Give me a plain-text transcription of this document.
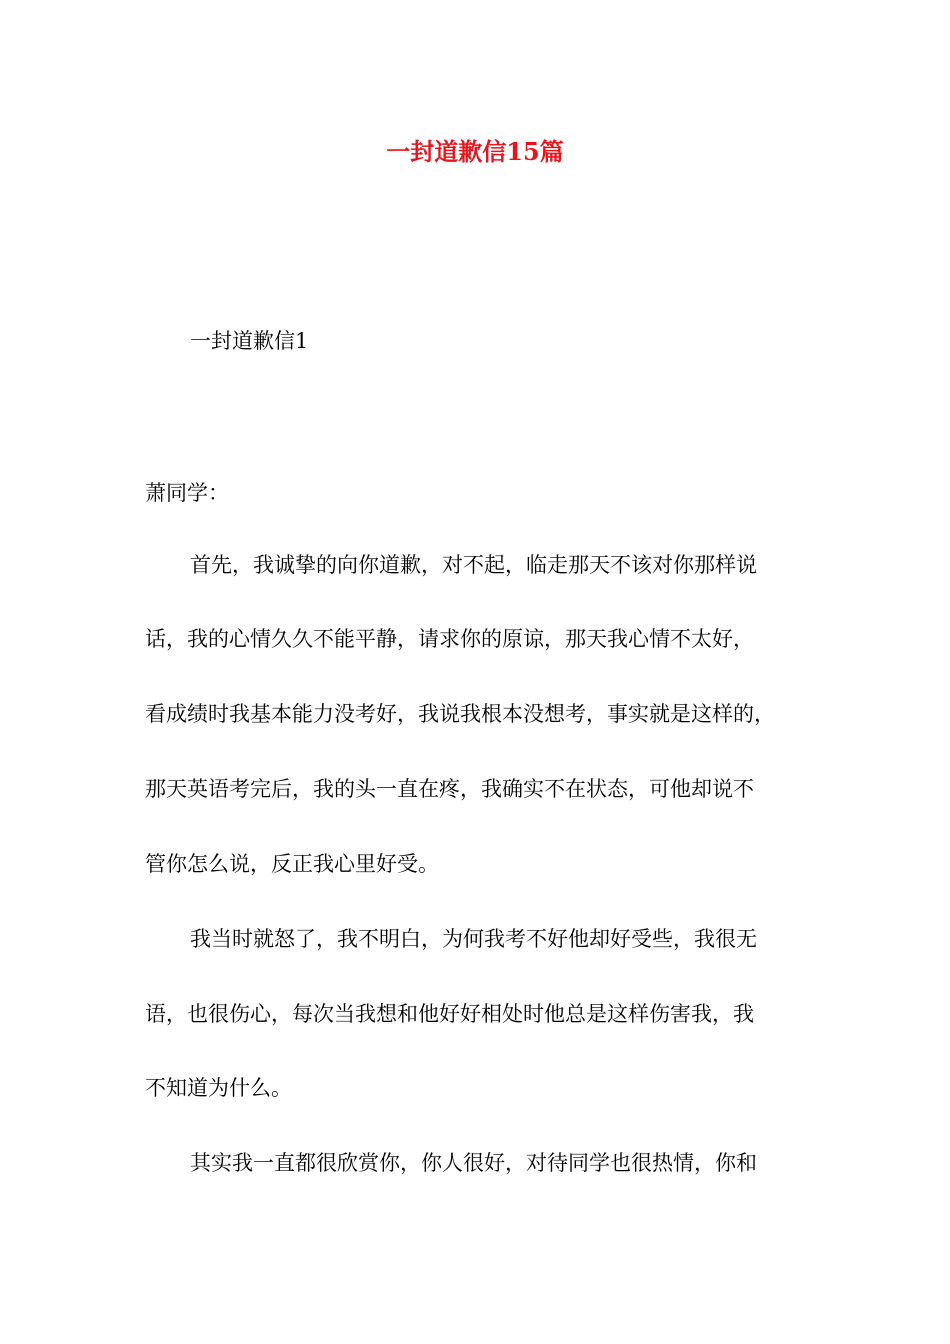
一封道歉信15篇
一封道歉信1
萧同学：
首先，我诚挚的向你道歉，对不起，临走那天不该对你那样说
话，我的心情久久不能平静，请求你的原谅，那天我心情不太好，
看成绩时我基本能力没考好，我说我根本没想考，事实就是这样的，
那天英语考完后，我的头一直在疼，我确实不在状态，可他却说不
管你怎么说，反正我心里好受。
我当时就怒了，我不明白，为何我考不好他却好受些，我很无
语，也很伤心，每次当我想和他好好相处时他总是这样伤害我，我
不知道为什么。
其实我一直都很欣赏你，你人很好，对待同学也很热情，你和
